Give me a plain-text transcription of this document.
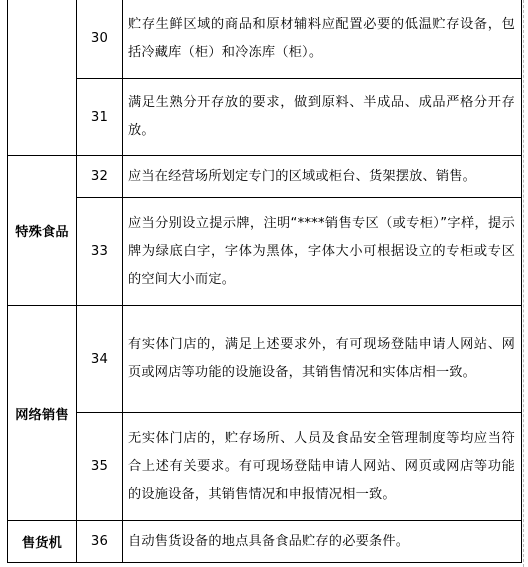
	30	贮存生鲜区域的商品和原材辅料应配置必要的低温贮存设备，包括冷藏库（柜）和冷冻库（柜）。
	31	满足生熟分开存放的要求，做到原料、半成品、成品严格分开存放。
特殊食品	32	应当在经营场所划定专门的区域或柜台、货架摆放、销售。
	33	应当分别设立提示牌，注明“****销售专区（或专柜）”字样，提示牌为绿底白字，字体为黑体，字体大小可根据设立的专柜或专区的空间大小而定。
网络销售	34	有实体门店的，满足上述要求外，有可现场登陆申请人网站、网页或网店等功能的设施设备，其销售情况和实体店相一致。
	35	无实体门店的，贮存场所、人员及食品安全管理制度等均应当符合上述有关要求。有可现场登陆申请人网站、网页或网店等功能的设施设备，其销售情况和申报情况相一致。
售货机	36	自动售货设备的地点具备食品贮存的必要条件。
